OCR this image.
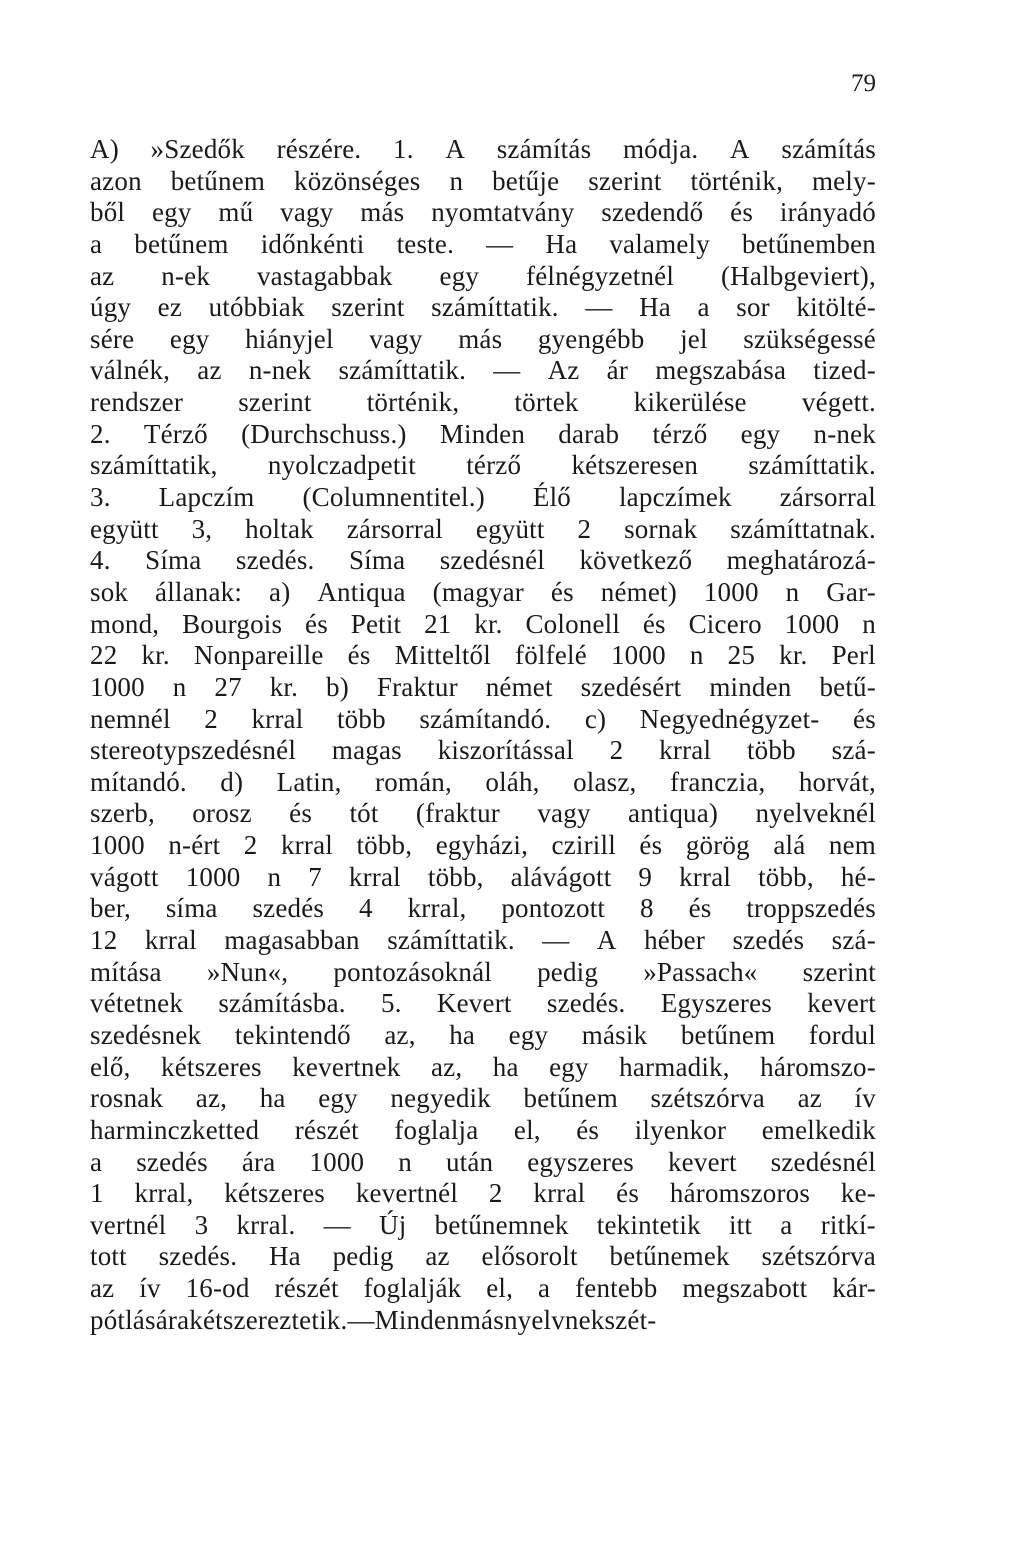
79
A) »Szedők részére. 1. A számítás módja. A számítás
azon betűnem közönséges n betűje szerint történik, mely-
ből egy mű vagy más nyomtatvány szedendő és irányadó
a betűnem időnkénti teste. — Ha valamely betűnemben
az n-ek vastagabbak egy félnégyzetnél (Halbgeviert),
úgy ez utóbbiak szerint számíttatik. — Ha a sor kitölté-
sére egy hiányjel vagy más gyengébb jel szükségessé
válnék, az n-nek számíttatik. — Az ár megszabása tized-
rendszer szerint történik, törtek kikerülése végett.
2. Térző (Durchschuss.) Minden darab térző egy n-nek
számíttatik, nyolczadpetit térző kétszeresen számíttatik.
3. Lapczím (Columnentitel.) Élő lapczímek zársorral
együtt 3, holtak zársorral együtt 2 sornak számíttatnak.
4. Síma szedés. Síma szedésnél következő meghatározá-
sok állanak: a) Antiqua (magyar és német) 1000 n Gar-
mond, Bourgois és Petit 21 kr. Colonell és Cicero 1000 n
22 kr. Nonpareille és Mitteltől fölfelé 1000 n 25 kr. Perl
1000 n 27 kr. b) Fraktur német szedésért minden betű-
nemnél 2 krral több számítandó. c) Negyednégyzet- és
stereotypszedésnél magas kiszorítással 2 krral több szá-
mítandó. d) Latin, román, oláh, olasz, franczia, horvát,
szerb, orosz és tót (fraktur vagy antiqua) nyelveknél
1000 n-ért 2 krral több, egyházi, czirill és görög alá nem
vágott 1000 n 7 krral több, alávágott 9 krral több, hé-
ber, síma szedés 4 krral, pontozott 8 és troppszedés
12 krral magasabban számíttatik. — A héber szedés szá-
mítása »Nun«, pontozásoknál pedig »Passach« szerint
vétetnek számításba. 5. Kevert szedés. Egyszeres kevert
szedésnek tekintendő az, ha egy másik betűnem fordul
elő, kétszeres kevertnek az, ha egy harmadik, háromszo-
rosnak az, ha egy negyedik betűnem szétszórva az ív
harminczketted részét foglalja el, és ilyenkor emelkedik
a szedés ára 1000 n után egyszeres kevert szedésnél
1 krral, kétszeres kevertnél 2 krral és háromszoros ke-
vertnél 3 krral. — Új betűnemnek tekintetik itt a ritkí-
tott szedés. Ha pedig az elősorolt betűnemek szétszórva
az ív 16-od részét foglalják el, a fentebb megszabott kár-
pótlás ára kétszereztetik. — Minden más nyelvnek szét-
